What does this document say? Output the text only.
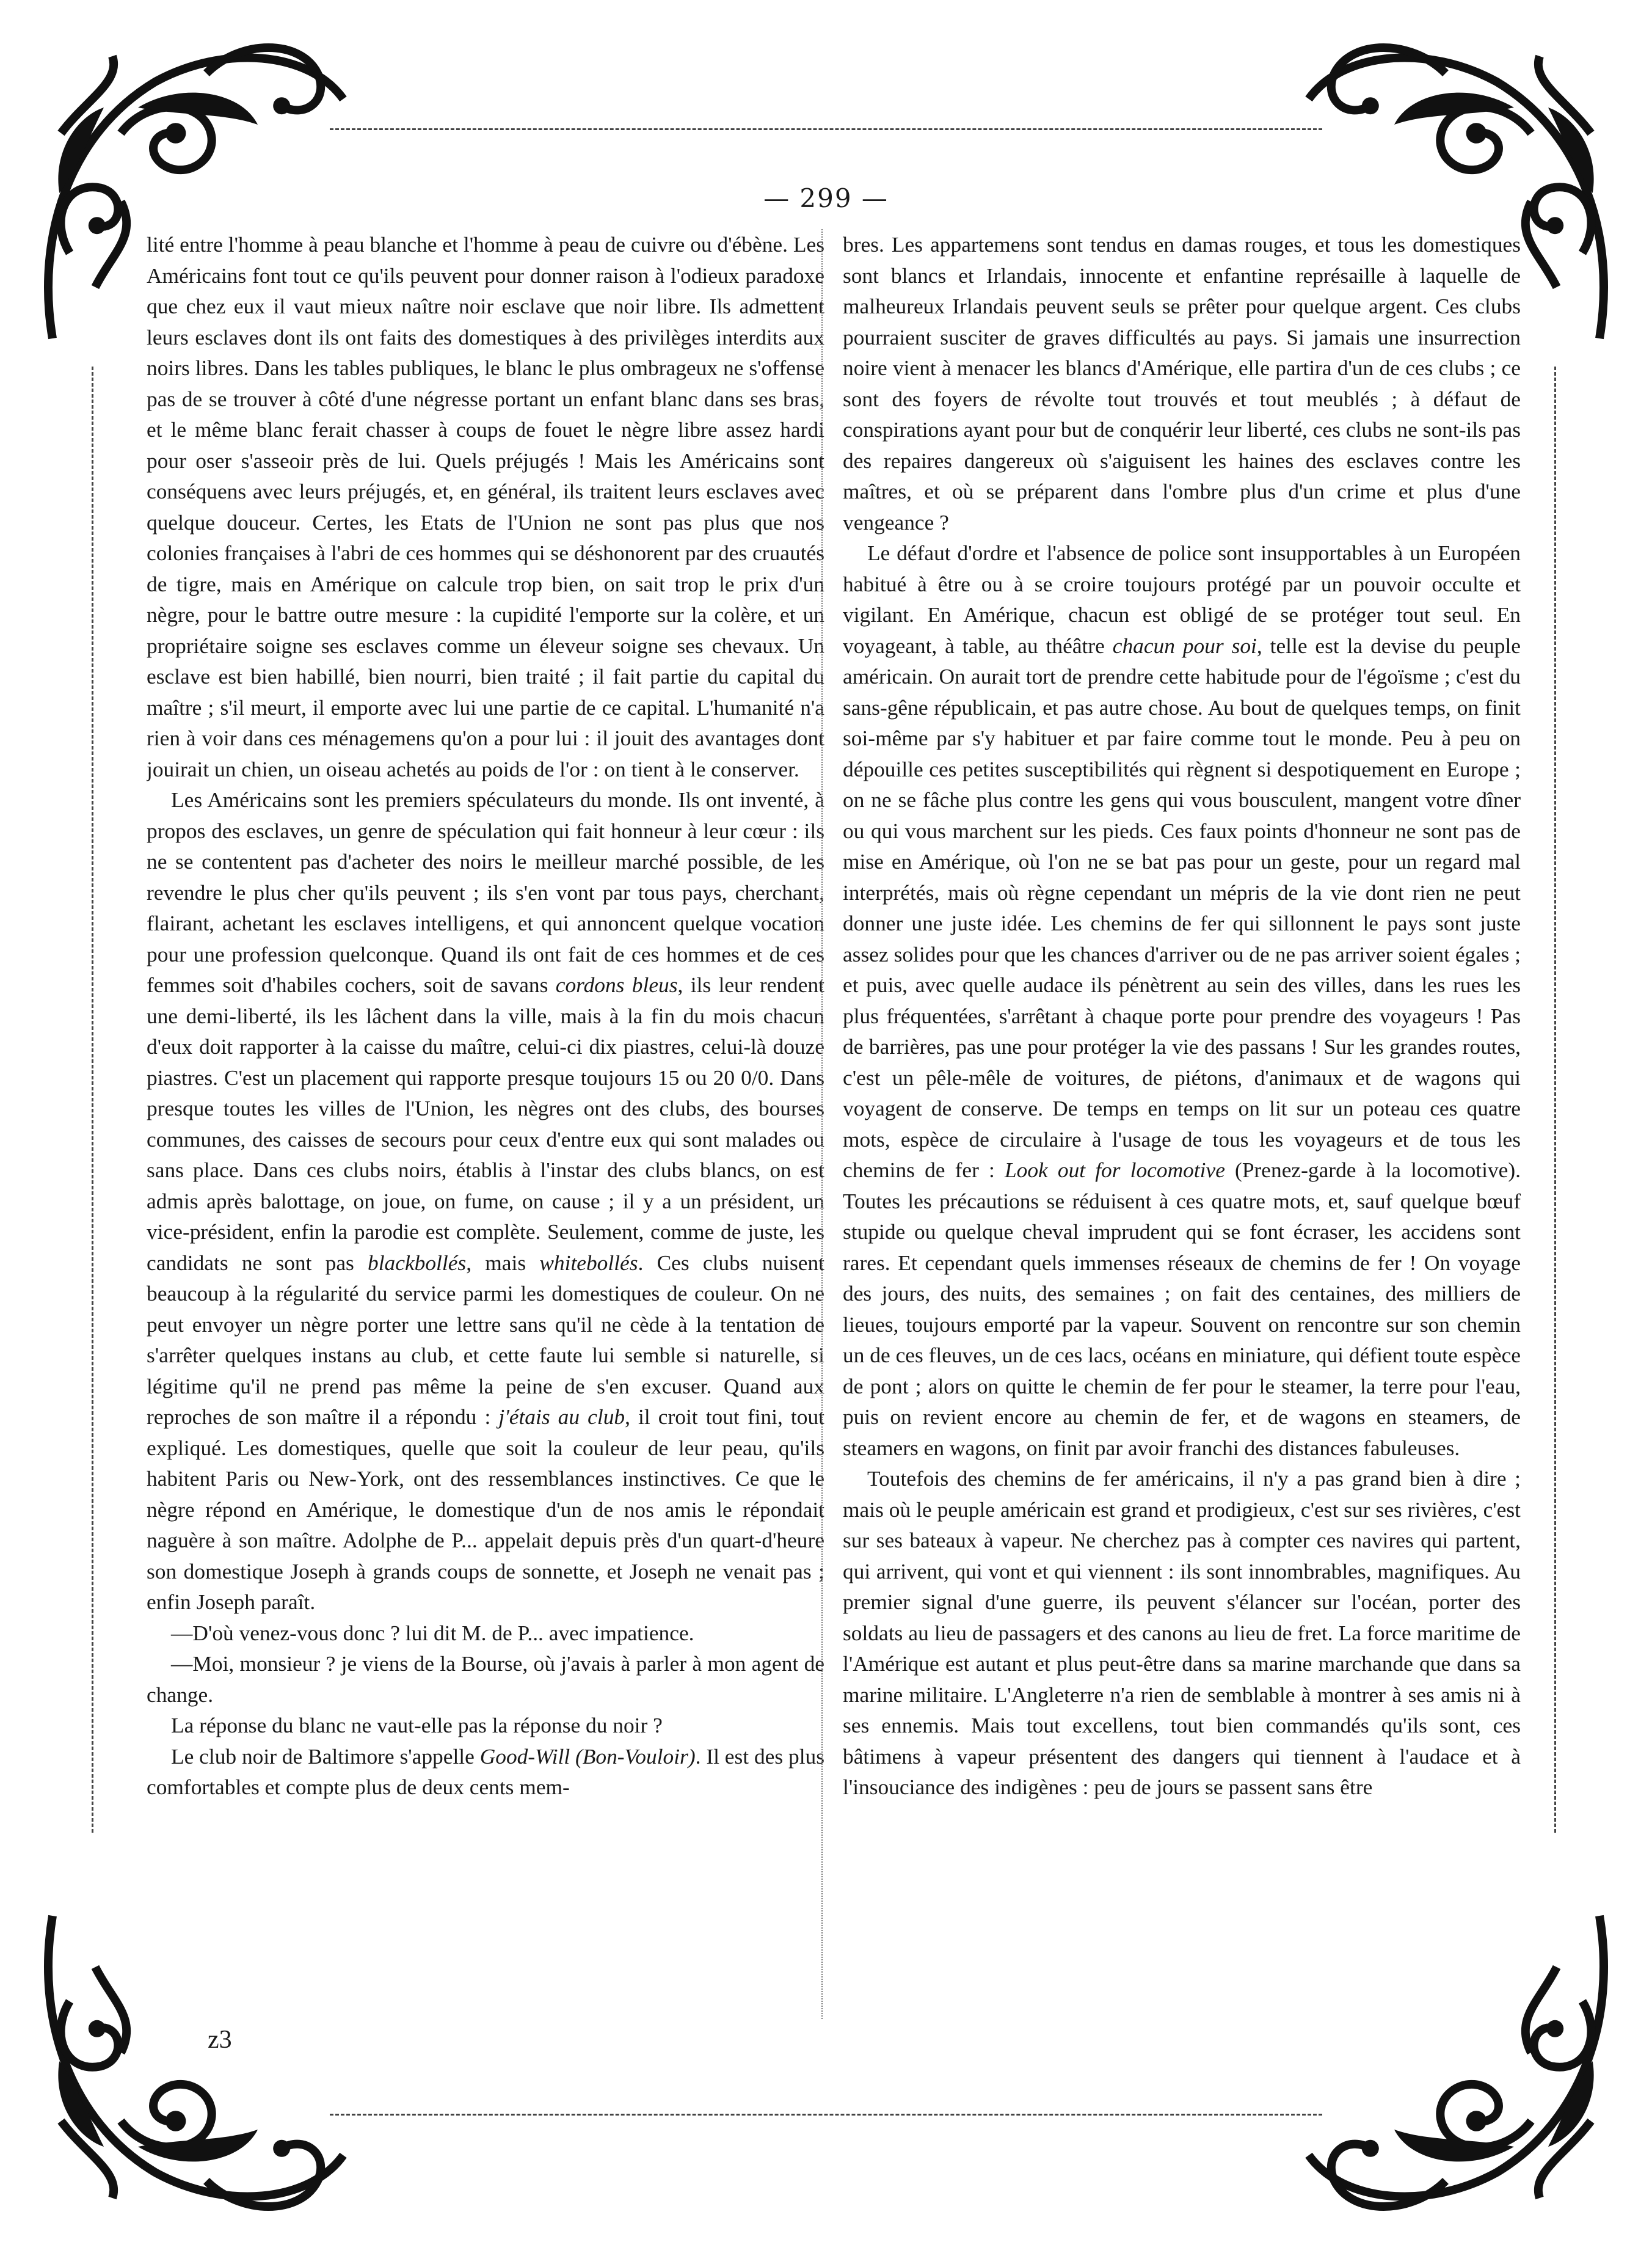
— 299 —

lité entre l'homme à peau blanche et l'homme à peau de cuivre ou d'ébène. Les Américains font tout ce qu'ils peuvent pour donner raison à l'odieux paradoxe que chez eux il vaut mieux naître noir esclave que noir libre. Ils admettent leurs esclaves dont ils ont faits des domestiques à des privilèges interdits aux noirs libres. Dans les tables publiques, le blanc le plus ombrageux ne s'offense pas de se trouver à côté d'une négresse portant un enfant blanc dans ses bras, et le même blanc ferait chasser à coups de fouet le nègre libre assez hardi pour oser s'asseoir près de lui. Quels préjugés ! Mais les Américains sont conséquens avec leurs préjugés, et, en général, ils traitent leurs esclaves avec quelque douceur. Certes, les Etats de l'Union ne sont pas plus que nos colonies françaises à l'abri de ces hommes qui se déshonorent par des cruautés de tigre, mais en Amérique on calcule trop bien, on sait trop le prix d'un nègre, pour le battre outre mesure : la cupidité l'emporte sur la colère, et un propriétaire soigne ses esclaves comme un éleveur soigne ses chevaux. Un esclave est bien habillé, bien nourri, bien traité ; il fait partie du capital du maître ; s'il meurt, il emporte avec lui une partie de ce capital. L'humanité n'a rien à voir dans ces ménagemens qu'on a pour lui : il jouit des avantages dont jouirait un chien, un oiseau achetés au poids de l'or : on tient à le conserver.

Les Américains sont les premiers spéculateurs du monde. Ils ont inventé, à propos des esclaves, un genre de spéculation qui fait honneur à leur cœur : ils ne se contentent pas d'acheter des noirs le meilleur marché possible, de les revendre le plus cher qu'ils peuvent ; ils s'en vont par tous pays, cherchant, flairant, achetant les esclaves intelligens, et qui annoncent quelque vocation pour une profession quelconque. Quand ils ont fait de ces hommes et de ces femmes soit d'habiles cochers, soit de savans cordons bleus, ils leur rendent une demi-liberté, ils les lâchent dans la ville, mais à la fin du mois chacun d'eux doit rapporter à la caisse du maître, celui-ci dix piastres, celui-là douze piastres. C'est un placement qui rapporte presque toujours 15 ou 20 0/0. Dans presque toutes les villes de l'Union, les nègres ont des clubs, des bourses communes, des caisses de secours pour ceux d'entre eux qui sont malades ou sans place. Dans ces clubs noirs, établis à l'instar des clubs blancs, on est admis après balottage, on joue, on fume, on cause ; il y a un président, un vice-président, enfin la parodie est complète. Seulement, comme de juste, les candidats ne sont pas blackbollés, mais whitebollés. Ces clubs nuisent beaucoup à la régularité du service parmi les domestiques de couleur. On ne peut envoyer un nègre porter une lettre sans qu'il ne cède à la tentation de s'arrêter quelques instans au club, et cette faute lui semble si naturelle, si légitime qu'il ne prend pas même la peine de s'en excuser. Quand aux reproches de son maître il a répondu : j'étais au club, il croit tout fini, tout expliqué. Les domestiques, quelle que soit la couleur de leur peau, qu'ils habitent Paris ou New-York, ont des ressemblances instinctives. Ce que le nègre répond en Amérique, le domestique d'un de nos amis le répondait naguère à son maître. Adolphe de P... appelait depuis près d'un quart-d'heure son domestique Joseph à grands coups de sonnette, et Joseph ne venait pas ; enfin Joseph paraît.

—D'où venez-vous donc ? lui dit M. de P... avec impatience.

—Moi, monsieur ? je viens de la Bourse, où j'avais à parler à mon agent de change.

La réponse du blanc ne vaut-elle pas la réponse du noir ?

Le club noir de Baltimore s'appelle Good-Will (Bon-Vouloir). Il est des plus comfortables et compte plus de deux cents mem-

bres. Les appartemens sont tendus en damas rouges, et tous les domestiques sont blancs et Irlandais, innocente et enfantine représaille à laquelle de malheureux Irlandais peuvent seuls se prêter pour quelque argent. Ces clubs pourraient susciter de graves difficultés au pays. Si jamais une insurrection noire vient à menacer les blancs d'Amérique, elle partira d'un de ces clubs ; ce sont des foyers de révolte tout trouvés et tout meublés ; à défaut de conspirations ayant pour but de conquérir leur liberté, ces clubs ne sont-ils pas des repaires dangereux où s'aiguisent les haines des esclaves contre les maîtres, et où se préparent dans l'ombre plus d'un crime et plus d'une vengeance ?

Le défaut d'ordre et l'absence de police sont insupportables à un Européen habitué à être ou à se croire toujours protégé par un pouvoir occulte et vigilant. En Amérique, chacun est obligé de se protéger tout seul. En voyageant, à table, au théâtre chacun pour soi, telle est la devise du peuple américain. On aurait tort de prendre cette habitude pour de l'égoïsme ; c'est du sans-gêne républicain, et pas autre chose. Au bout de quelques temps, on finit soi-même par s'y habituer et par faire comme tout le monde. Peu à peu on dépouille ces petites susceptibilités qui règnent si despotiquement en Europe ; on ne se fâche plus contre les gens qui vous bousculent, mangent votre dîner ou qui vous marchent sur les pieds. Ces faux points d'honneur ne sont pas de mise en Amérique, où l'on ne se bat pas pour un geste, pour un regard mal interprétés, mais où règne cependant un mépris de la vie dont rien ne peut donner une juste idée. Les chemins de fer qui sillonnent le pays sont juste assez solides pour que les chances d'arriver ou de ne pas arriver soient égales ; et puis, avec quelle audace ils pénètrent au sein des villes, dans les rues les plus fréquentées, s'arrêtant à chaque porte pour prendre des voyageurs ! Pas de barrières, pas une pour protéger la vie des passans ! Sur les grandes routes, c'est un pêle-mêle de voitures, de piétons, d'animaux et de wagons qui voyagent de conserve. De temps en temps on lit sur un poteau ces quatre mots, espèce de circulaire à l'usage de tous les voyageurs et de tous les chemins de fer : Look out for locomotive (Prenez-garde à la locomotive). Toutes les précautions se réduisent à ces quatre mots, et, sauf quelque bœuf stupide ou quelque cheval imprudent qui se font écraser, les accidens sont rares. Et cependant quels immenses réseaux de chemins de fer ! On voyage des jours, des nuits, des semaines ; on fait des centaines, des milliers de lieues, toujours emporté par la vapeur. Souvent on rencontre sur son chemin un de ces fleuves, un de ces lacs, océans en miniature, qui défient toute espèce de pont ; alors on quitte le chemin de fer pour le steamer, la terre pour l'eau, puis on revient encore au chemin de fer, et de wagons en steamers, de steamers en wagons, on finit par avoir franchi des distances fabuleuses.

Toutefois des chemins de fer américains, il n'y a pas grand bien à dire ; mais où le peuple américain est grand et prodigieux, c'est sur ses rivières, c'est sur ses bateaux à vapeur. Ne cherchez pas à compter ces navires qui partent, qui arrivent, qui vont et qui viennent : ils sont innombrables, magnifiques. Au premier signal d'une guerre, ils peuvent s'élancer sur l'océan, porter des soldats au lieu de passagers et des canons au lieu de fret. La force maritime de l'Amérique est autant et plus peut-être dans sa marine marchande que dans sa marine militaire. L'Angleterre n'a rien de semblable à montrer à ses amis ni à ses ennemis. Mais tout excellens, tout bien commandés qu'ils sont, ces bâtimens à vapeur présentent des dangers qui tiennent à l'audace et à l'insouciance des indigènes : peu de jours se passent sans être

z3
